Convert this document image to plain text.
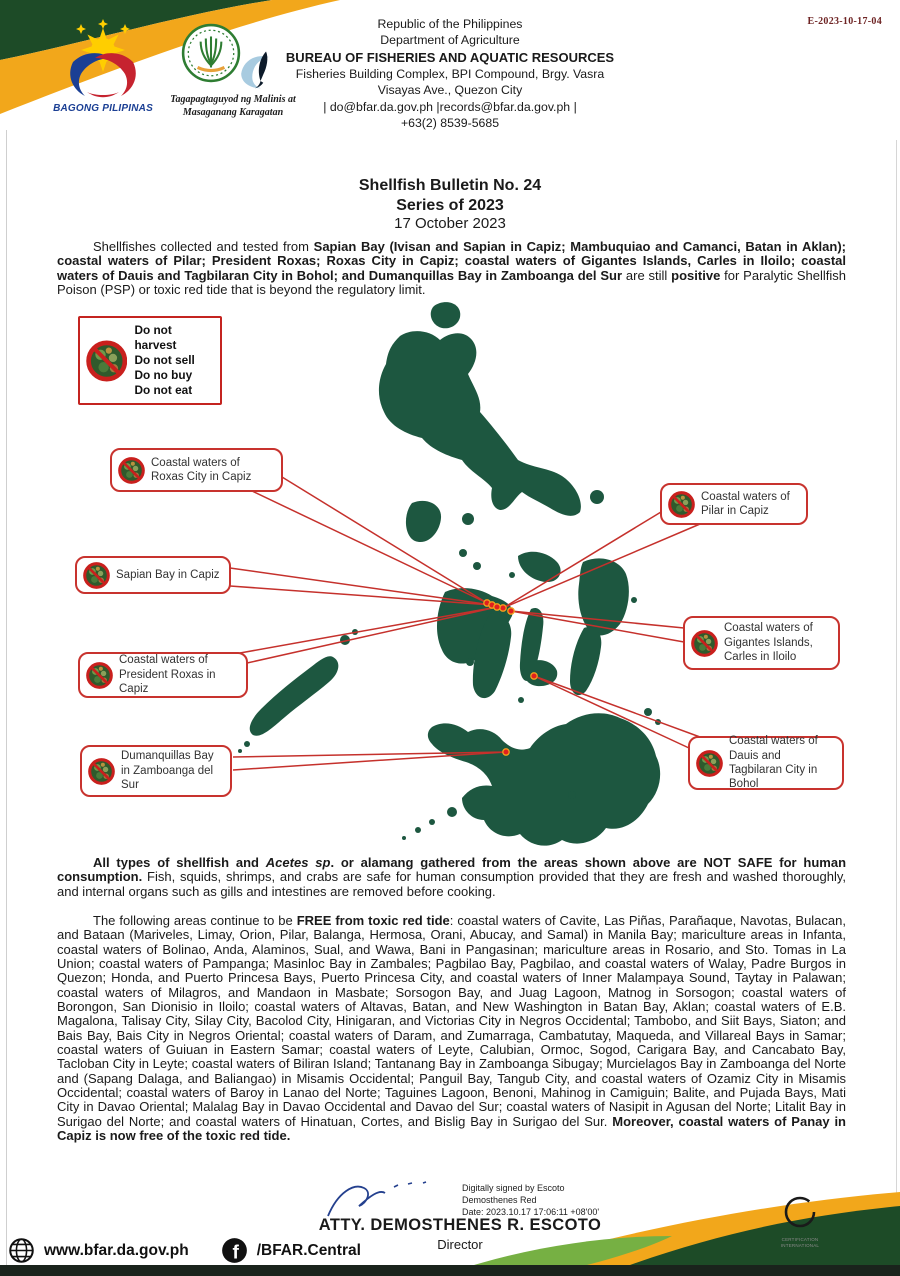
BAGONG PILIPINAS
Tagapagtaguyod ng Malinis at
Masaganang Karagatan
Republic of the Philippines
Department of Agriculture
BUREAU OF FISHERIES AND AQUATIC RESOURCES
Fisheries Building Complex, BPI Compound, Brgy. Vasra
Visayas Ave., Quezon City
| do@bfar.da.gov.ph |records@bfar.da.gov.ph |
+63(2) 8539-5685
E-2023-10-17-04
Shellfish Bulletin No. 24
Series of 2023
17 October 2023
Shellfishes collected and tested from Sapian Bay (Ivisan and Sapian in Capiz; Mambuquiao and Camanci, Batan in Aklan); coastal waters of Pilar; President Roxas; Roxas City in Capiz; coastal waters of Gigantes Islands, Carles in Iloilo; coastal waters of Dauis and Tagbilaran City in Bohol; and Dumanquillas Bay in Zamboanga del Sur are still positive for Paralytic Shellfish Poison (PSP) or toxic red tide that is beyond the regulatory limit.
Do not harvest
Do not sell
Do no buy
Do not eat
Coastal waters of Roxas City in Capiz
Coastal waters of Pilar in Capiz
Sapian Bay in Capiz
Coastal waters of Gigantes Islands, Carles in Iloilo
Coastal waters of President Roxas in Capiz
Coastal waters of Dauis and Tagbilaran City in Bohol
Dumanquillas Bay in Zamboanga del Sur
All types of shellfish and Acetes sp. or alamang gathered from the areas shown above are NOT SAFE for human consumption. Fish, squids, shrimps, and crabs are safe for human consumption provided that they are fresh and washed thoroughly, and internal organs such as gills and intestines are removed before cooking.
The following areas continue to be FREE from toxic red tide: coastal waters of Cavite, Las Piñas, Parañaque, Navotas, Bulacan, and Bataan (Mariveles, Limay, Orion, Pilar, Balanga, Hermosa, Orani, Abucay, and Samal) in Manila Bay; mariculture areas in Infanta, coastal waters of Bolinao, Anda, Alaminos, Sual, and Wawa, Bani in Pangasinan; mariculture areas in Rosario, and Sto. Tomas in La Union; coastal waters of Pampanga; Masinloc Bay in Zambales; Pagbilao Bay, Pagbilao, and coastal waters of Walay, Padre Burgos in Quezon; Honda, and Puerto Princesa Bays, Puerto Princesa City, and coastal waters of Inner Malampaya Sound, Taytay in Palawan; coastal waters of Milagros, and Mandaon in Masbate; Sorsogon Bay, and Juag Lagoon, Matnog in Sorsogon; coastal waters of Borongon, San Dionisio in Iloilo; coastal waters of Altavas, Batan, and New Washington in Batan Bay, Aklan; coastal waters of E.B. Magalona, Talisay City, Silay City, Bacolod City, Hinigaran, and Victorias City in Negros Occidental; Tambobo, and Siit Bays, Siaton; and Bais Bay, Bais City in Negros Oriental; coastal waters of Daram, and Zumarraga, Cambatutay, Maqueda, and Villareal Bays in Samar; coastal waters of Guiuan in Eastern Samar; coastal waters of Leyte, Calubian, Ormoc, Sogod, Carigara Bay, and Cancabato Bay, Tacloban City in Leyte; coastal waters of Biliran Island; Tantanang Bay in Zamboanga Sibugay; Murcielagos Bay in Zamboanga del Norte and (Sapang Dalaga, and Baliangao) in Misamis Occidental; Panguil Bay, Tangub City, and coastal waters of Ozamiz City in Misamis Occidental; coastal waters of Baroy in Lanao del Norte; Taguines Lagoon, Benoni, Mahinog in Camiguin; Balite, and Pujada Bays, Mati City in Davao Oriental; Malalag Bay in Davao Occidental and Davao del Sur; coastal waters of Nasipit in Agusan del Norte; Litalit Bay in Surigao del Norte; and coastal waters of Hinatuan, Cortes, and Bislig Bay in Surigao del Sur. Moreover, coastal waters of Panay in Capiz is now free of the toxic red tide.
Digitally signed by Escoto
Demosthenes Red
Date: 2023.10.17 17:06:11 +08'00'
ATTY. DEMOSTHENES R. ESCOTO
Director
www.bfar.da.gov.ph	f /BFAR.Central
CERTIFICATION
INTERNATIONAL
